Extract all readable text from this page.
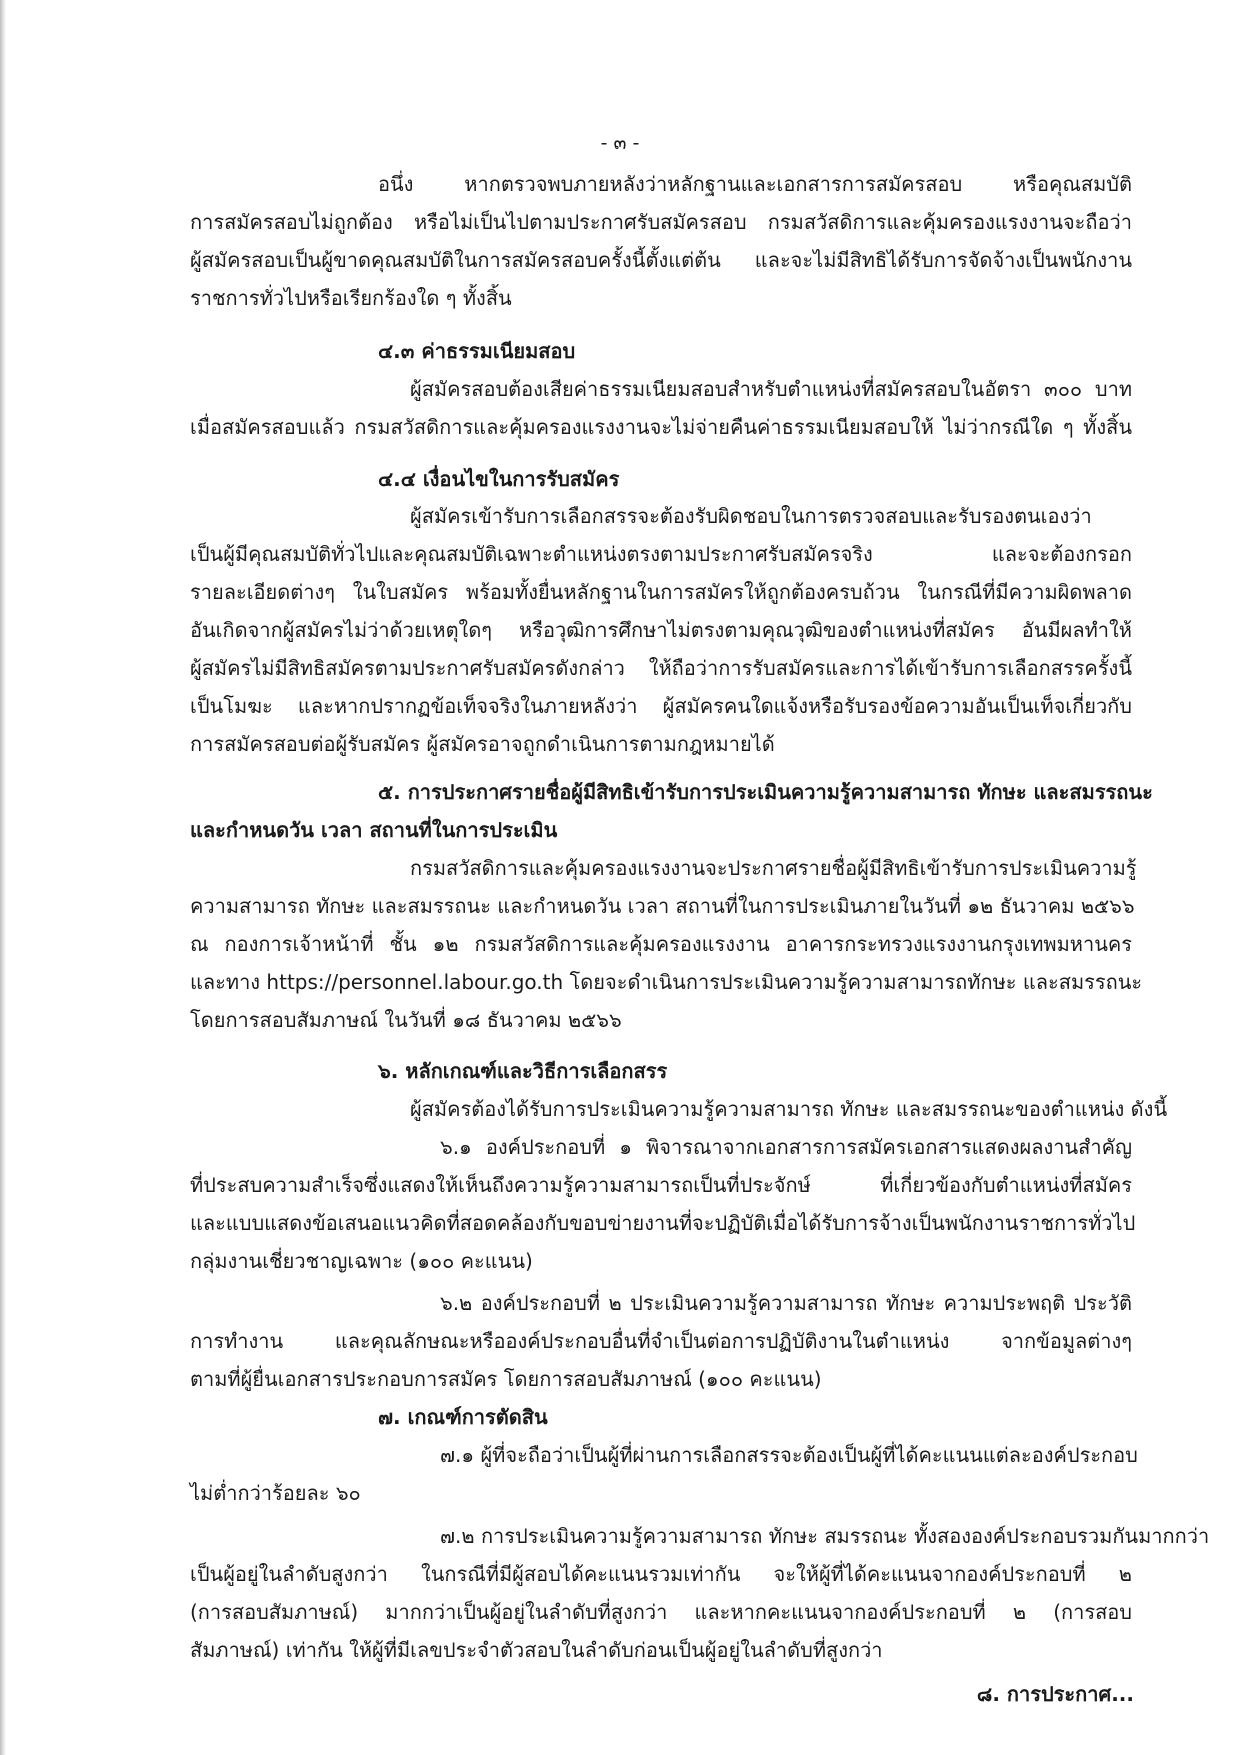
- ๓ -

อนึ่ง หากตรวจพบภายหลังว่าหลักฐานและเอกสารการสมัครสอบ หรือคุณสมบัติ

การสมัครสอบไม่ถูกต้อง หรือไม่เป็นไปตามประกาศรับสมัครสอบ กรมสวัสดิการและคุ้มครองแรงงานจะถือว่า

ผู้สมัครสอบเป็นผู้ขาดคุณสมบัติในการสมัครสอบครั้งนี้ตั้งแต่ต้น และจะไม่มีสิทธิได้รับการจัดจ้างเป็นพนักงาน

ราชการทั่วไปหรือเรียกร้องใด ๆ ทั้งสิ้น

๔.๓ ค่าธรรมเนียมสอบ

ผู้สมัครสอบต้องเสียค่าธรรมเนียมสอบสำหรับตำแหน่งที่สมัครสอบในอัตรา ๓๐๐ บาท

เมื่อสมัครสอบแล้ว กรมสวัสดิการและคุ้มครองแรงงานจะไม่จ่ายคืนค่าธรรมเนียมสอบให้ ไม่ว่ากรณีใด ๆ ทั้งสิ้น

๔.๔ เงื่อนไขในการรับสมัคร

ผู้สมัครเข้ารับการเลือกสรรจะต้องรับผิดชอบในการตรวจสอบและรับรองตนเองว่า

เป็นผู้มีคุณสมบัติทั่วไปและคุณสมบัติเฉพาะตำแหน่งตรงตามประกาศรับสมัครจริง และจะต้องกรอก

รายละเอียดต่างๆ ในใบสมัคร พร้อมทั้งยื่นหลักฐานในการสมัครให้ถูกต้องครบถ้วน ในกรณีที่มีความผิดพลาด

อันเกิดจากผู้สมัครไม่ว่าด้วยเหตุใดๆ หรือวุฒิการศึกษาไม่ตรงตามคุณวุฒิของตำแหน่งที่สมัคร อันมีผลทำให้

ผู้สมัครไม่มีสิทธิสมัครตามประกาศรับสมัครดังกล่าว ให้ถือว่าการรับสมัครและการได้เข้ารับการเลือกสรรครั้งนี้

เป็นโมฆะ และหากปรากฏข้อเท็จจริงในภายหลังว่า ผู้สมัครคนใดแจ้งหรือรับรองข้อความอันเป็นเท็จเกี่ยวกับ

การสมัครสอบต่อผู้รับสมัคร ผู้สมัครอาจถูกดำเนินการตามกฎหมายได้

๕. การประกาศรายชื่อผู้มีสิทธิเข้ารับการประเมินความรู้ความสามารถ ทักษะ และสมรรถนะ

และกำหนดวัน เวลา สถานที่ในการประเมิน

กรมสวัสดิการและคุ้มครองแรงงานจะประกาศรายชื่อผู้มีสิทธิเข้ารับการประเมินความรู้

ความสามารถ ทักษะ และสมรรถนะ และกำหนดวัน เวลา สถานที่ในการประเมินภายในวันที่ ๑๒ ธันวาคม ๒๕๖๖

ณ กองการเจ้าหน้าที่ ชั้น ๑๒ กรมสวัสดิการและคุ้มครองแรงงาน อาคารกระทรวงแรงงานกรุงเทพมหานคร

และทาง https://personnel.labour.go.th โดยจะดำเนินการประเมินความรู้ความสามารถทักษะ และสมรรถนะ

โดยการสอบสัมภาษณ์ ในวันที่ ๑๘ ธันวาคม ๒๕๖๖

๖. หลักเกณฑ์และวิธีการเลือกสรร

ผู้สมัครต้องได้รับการประเมินความรู้ความสามารถ ทักษะ และสมรรถนะของตำแหน่ง ดังนี้

๖.๑ องค์ประกอบที่ ๑ พิจารณาจากเอกสารการสมัครเอกสารแสดงผลงานสำคัญ

ที่ประสบความสำเร็จซึ่งแสดงให้เห็นถึงความรู้ความสามารถเป็นที่ประจักษ์ ที่เกี่ยวข้องกับตำแหน่งที่สมัคร

และแบบแสดงข้อเสนอแนวคิดที่สอดคล้องกับขอบข่ายงานที่จะปฏิบัติเมื่อได้รับการจ้างเป็นพนักงานราชการทั่วไป

กลุ่มงานเชี่ยวชาญเฉพาะ (๑๐๐ คะแนน)

๖.๒ องค์ประกอบที่ ๒ ประเมินความรู้ความสามารถ ทักษะ ความประพฤติ ประวัติ

การทำงาน และคุณลักษณะหรือองค์ประกอบอื่นที่จำเป็นต่อการปฏิบัติงานในตำแหน่ง จากข้อมูลต่างๆ

ตามที่ผู้ยื่นเอกสารประกอบการสมัคร โดยการสอบสัมภาษณ์ (๑๐๐ คะแนน)

๗. เกณฑ์การตัดสิน

๗.๑ ผู้ที่จะถือว่าเป็นผู้ที่ผ่านการเลือกสรรจะต้องเป็นผู้ที่ได้คะแนนแต่ละองค์ประกอบ

ไม่ต่ำกว่าร้อยละ ๖๐

๗.๒ การประเมินความรู้ความสามารถ ทักษะ สมรรถนะ ทั้งสององค์ประกอบรวมกันมากกว่า

เป็นผู้อยู่ในลำดับสูงกว่า ในกรณีที่มีผู้สอบได้คะแนนรวมเท่ากัน จะให้ผู้ที่ได้คะแนนจากองค์ประกอบที่ ๒

(การสอบสัมภาษณ์) มากกว่าเป็นผู้อยู่ในลำดับที่สูงกว่า และหากคะแนนจากองค์ประกอบที่ ๒ (การสอบ

สัมภาษณ์) เท่ากัน ให้ผู้ที่มีเลขประจำตัวสอบในลำดับก่อนเป็นผู้อยู่ในลำดับที่สูงกว่า

๘. การประกาศ...
